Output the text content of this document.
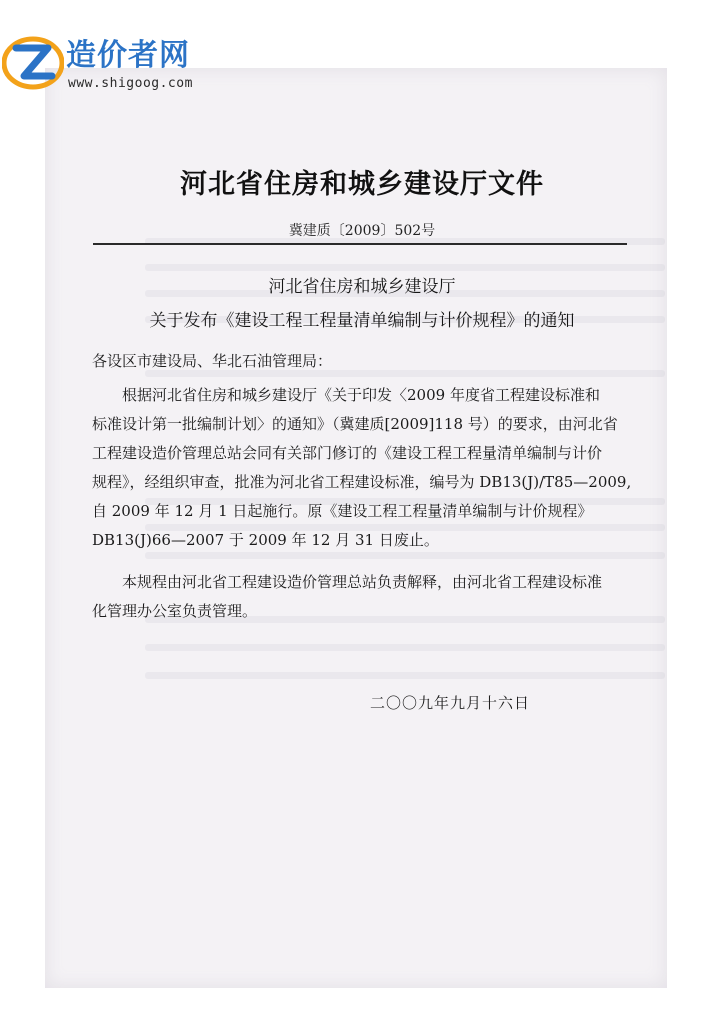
造价者网
www.shigoog.com
河北省住房和城乡建设厅文件
冀建质〔2009〕502号
河北省住房和城乡建设厅
关于发布《建设工程工程量清单编制与计价规程》的通知
各设区市建设局、华北石油管理局：
根据河北省住房和城乡建设厅《关于印发〈2009 年度省工程建设标准和
标准设计第一批编制计划〉的通知》（冀建质[2009]118 号）的要求，由河北省
工程建设造价管理总站会同有关部门修订的《建设工程工程量清单编制与计价
规程》，经组织审查，批准为河北省工程建设标准，编号为 DB13(J)/T85—2009,
自 2009 年 12 月 1 日起施行。原《建设工程工程量清单编制与计价规程》
DB13(J)66—2007 于 2009 年 12 月 31 日废止。
本规程由河北省工程建设造价管理总站负责解释，由河北省工程建设标准
化管理办公室负责管理。
二〇〇九年九月十六日
